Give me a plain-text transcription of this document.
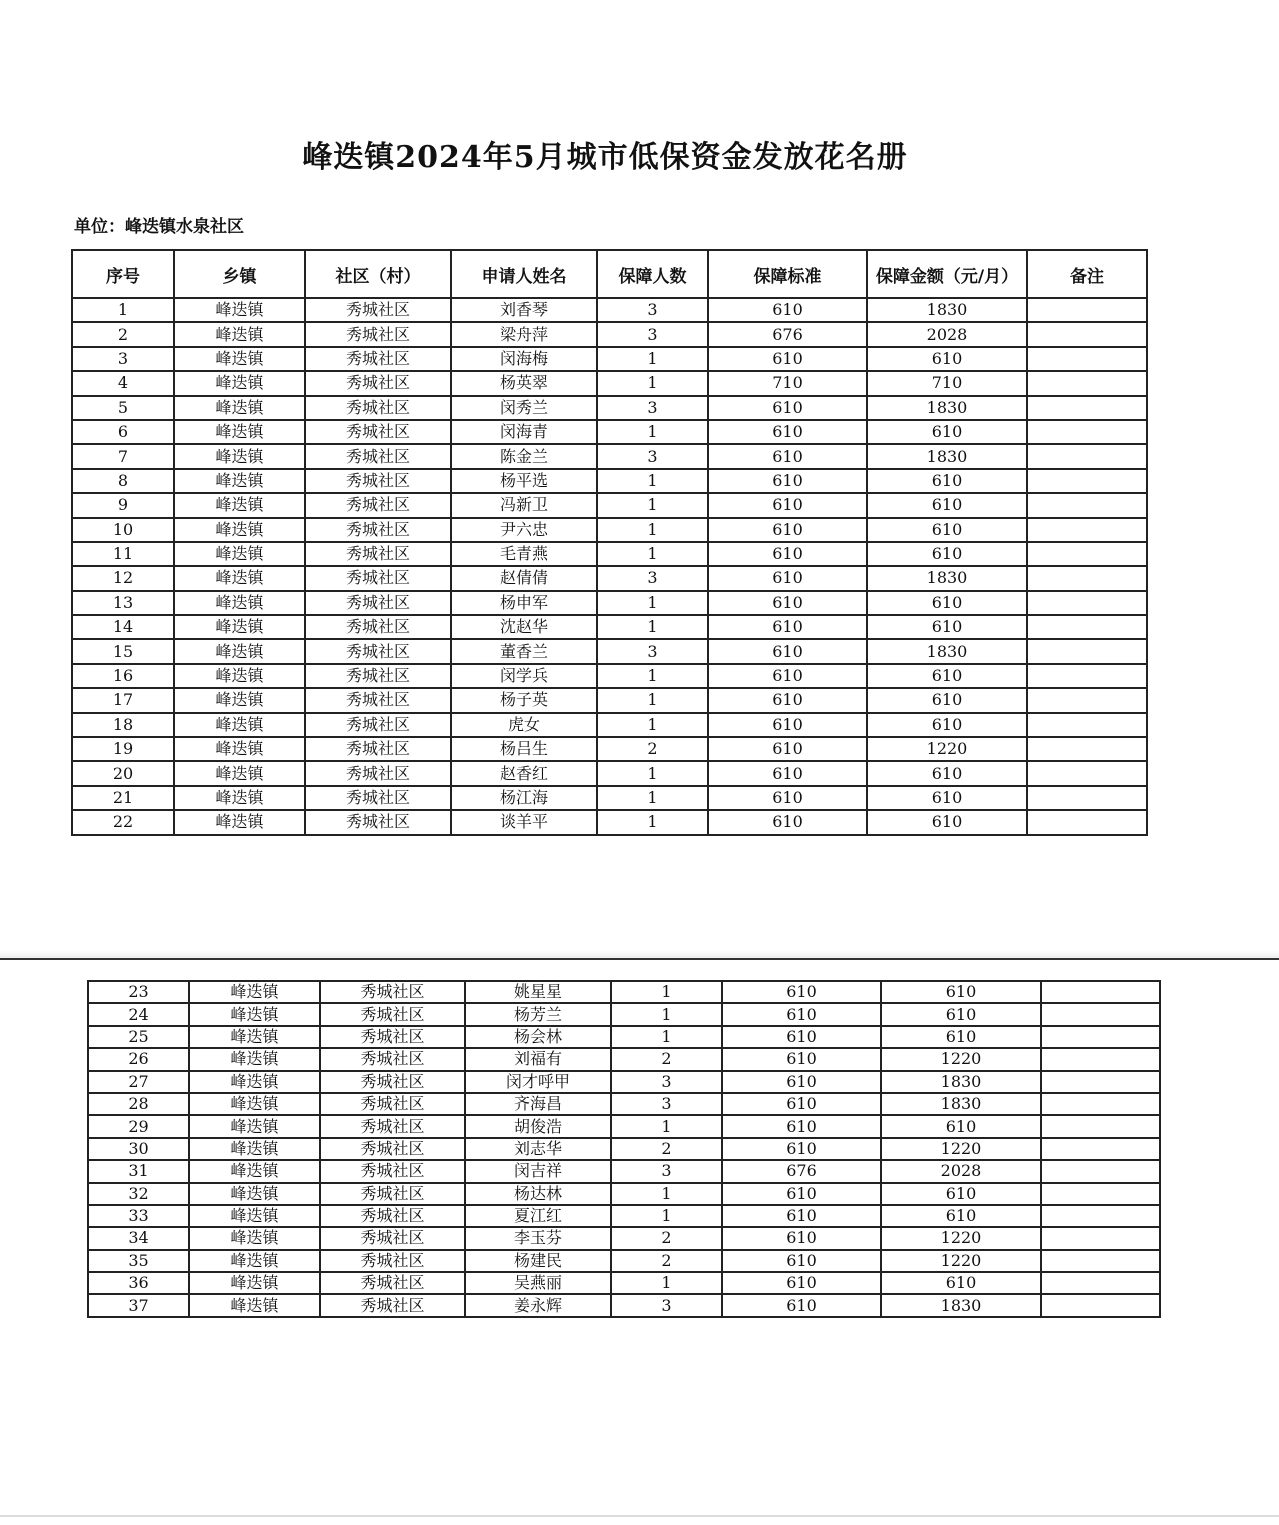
峰迭镇2024年5月城市低保资金发放花名册
单位：峰迭镇水泉社区
序号	乡镇	社区（村）	申请人姓名	保障人数	保障标准	保障金额（元/月）	备注
1	峰迭镇	秀城社区	刘香琴	3	610	1830	
2	峰迭镇	秀城社区	梁舟萍	3	676	2028	
3	峰迭镇	秀城社区	闵海梅	1	610	610	
4	峰迭镇	秀城社区	杨英翠	1	710	710	
5	峰迭镇	秀城社区	闵秀兰	3	610	1830	
6	峰迭镇	秀城社区	闵海青	1	610	610	
7	峰迭镇	秀城社区	陈金兰	3	610	1830	
8	峰迭镇	秀城社区	杨平选	1	610	610	
9	峰迭镇	秀城社区	冯新卫	1	610	610	
10	峰迭镇	秀城社区	尹六忠	1	610	610	
11	峰迭镇	秀城社区	毛青燕	1	610	610	
12	峰迭镇	秀城社区	赵倩倩	3	610	1830	
13	峰迭镇	秀城社区	杨申军	1	610	610	
14	峰迭镇	秀城社区	沈赵华	1	610	610	
15	峰迭镇	秀城社区	董香兰	3	610	1830	
16	峰迭镇	秀城社区	闵学兵	1	610	610	
17	峰迭镇	秀城社区	杨子英	1	610	610	
18	峰迭镇	秀城社区	虎女	1	610	610	
19	峰迭镇	秀城社区	杨吕生	2	610	1220	
20	峰迭镇	秀城社区	赵香红	1	610	610	
21	峰迭镇	秀城社区	杨江海	1	610	610	
22	峰迭镇	秀城社区	谈羊平	1	610	610	
23	峰迭镇	秀城社区	姚星星	1	610	610	
24	峰迭镇	秀城社区	杨芳兰	1	610	610	
25	峰迭镇	秀城社区	杨会林	1	610	610	
26	峰迭镇	秀城社区	刘福有	2	610	1220	
27	峰迭镇	秀城社区	闵才呼甲	3	610	1830	
28	峰迭镇	秀城社区	齐海昌	3	610	1830	
29	峰迭镇	秀城社区	胡俊浩	1	610	610	
30	峰迭镇	秀城社区	刘志华	2	610	1220	
31	峰迭镇	秀城社区	闵吉祥	3	676	2028	
32	峰迭镇	秀城社区	杨达林	1	610	610	
33	峰迭镇	秀城社区	夏江红	1	610	610	
34	峰迭镇	秀城社区	李玉芬	2	610	1220	
35	峰迭镇	秀城社区	杨建民	2	610	1220	
36	峰迭镇	秀城社区	吴燕丽	1	610	610	
37	峰迭镇	秀城社区	姜永辉	3	610	1830	
